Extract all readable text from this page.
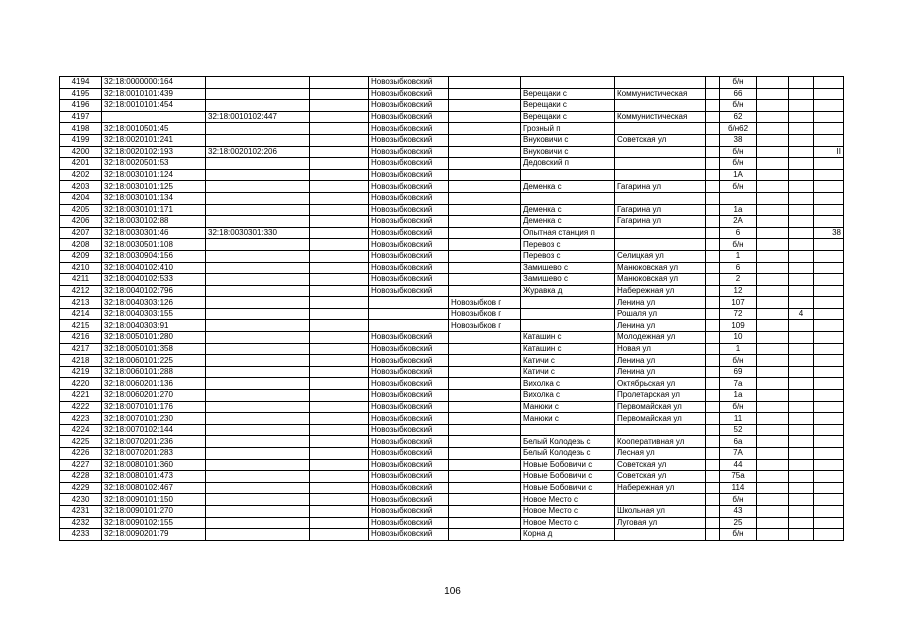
4194	32:18:0000000:164			Новозыбковский					б/н			
4195	32:18:0010101:439			Новозыбковский		Верещаки с	Коммунистическая		66			
4196	32:18:0010101:454			Новозыбковский		Верещаки с			б/н			
4197		32:18:0010102:447		Новозыбковский		Верещаки с	Коммунистическая		62			
4198	32:18:0010501:45			Новозыбковский		Грозный п			б/н62			
4199	32:18:0020101:241			Новозыбковский		Внуковичи с	Советская ул		38			
4200	32:18:0020102:193	32:18:0020102:206		Новозыбковский		Внуковичи с			б/н			II
4201	32:18:0020501:53			Новозыбковский		Дедовский п			б/н			
4202	32:18:0030101:124			Новозыбковский					1А			
4203	32:18:0030101:125			Новозыбковский		Деменка с	Гагарина ул		б/н			
4204	32:18:0030101:134			Новозыбковский								
4205	32:18:0030101:171			Новозыбковский		Деменка с	Гагарина ул		1а			
4206	32:18:0030102:88			Новозыбковский		Деменка с	Гагарина ул		2А			
4207	32:18:0030301:46	32:18:0030301:330		Новозыбковский		Опытная станция п			6			38
4208	32:18:0030501:108			Новозыбковский		Перевоз с			б/н			
4209	32:18:0030904:156			Новозыбковский		Перевоз с	Селицкая ул		1			
4210	32:18:0040102:410			Новозыбковский		Замишево с	Манюковская ул		6			
4211	32:18:0040102:533			Новозыбковский		Замишево с	Манюковская ул		2			
4212	32:18:0040102:796			Новозыбковский		Журавка д	Набережная ул		12			
4213	32:18:0040303:126				Новозыбков г		Ленина ул		107			
4214	32:18:0040303:155				Новозыбков г		Рошаля ул		72		4	
4215	32:18:0040303:91				Новозыбков г		Ленина ул		109			
4216	32:18:0050101:280			Новозыбковский		Каташин с	Молодежная ул		10			
4217	32:18:0050101:358			Новозыбковский		Каташин с	Новая ул		1			
4218	32:18:0060101:225			Новозыбковский		Катичи с	Ленина ул		б/н			
4219	32:18:0060101:288			Новозыбковский		Катичи с	Ленина ул		69			
4220	32:18:0060201:136			Новозыбковский		Вихолка с	Октябрьская ул		7а			
4221	32:18:0060201:270			Новозыбковский		Вихолка с	Пролетарская ул		1а			
4222	32:18:0070101:176			Новозыбковский		Манюки с	Первомайская ул		б/н			
4223	32:18:0070101:230			Новозыбковский		Манюки с	Первомайская ул		11			
4224	32:18:0070102:144			Новозыбковский					52			
4225	32:18:0070201:236			Новозыбковский		Белый Колодезь с	Кооперативная ул		6а			
4226	32:18:0070201:283			Новозыбковский		Белый Колодезь с	Лесная ул		7А			
4227	32:18:0080101:360			Новозыбковский		Новые Бобовичи с	Советская ул		44			
4228	32:18:0080101:473			Новозыбковский		Новые Бобовичи с	Советская ул		75а			
4229	32:18:0080102:467			Новозыбковский		Новые Бобовичи с	Набережная ул		114			
4230	32:18:0090101:150			Новозыбковский		Новое Место с			б/н			
4231	32:18:0090101:270			Новозыбковский		Новое Место с	Школьная ул		43			
4232	32:18:0090102:155			Новозыбковский		Новое Место с	Луговая ул		25			
4233	32:18:0090201:79			Новозыбковский		Корна д			б/н			
106
